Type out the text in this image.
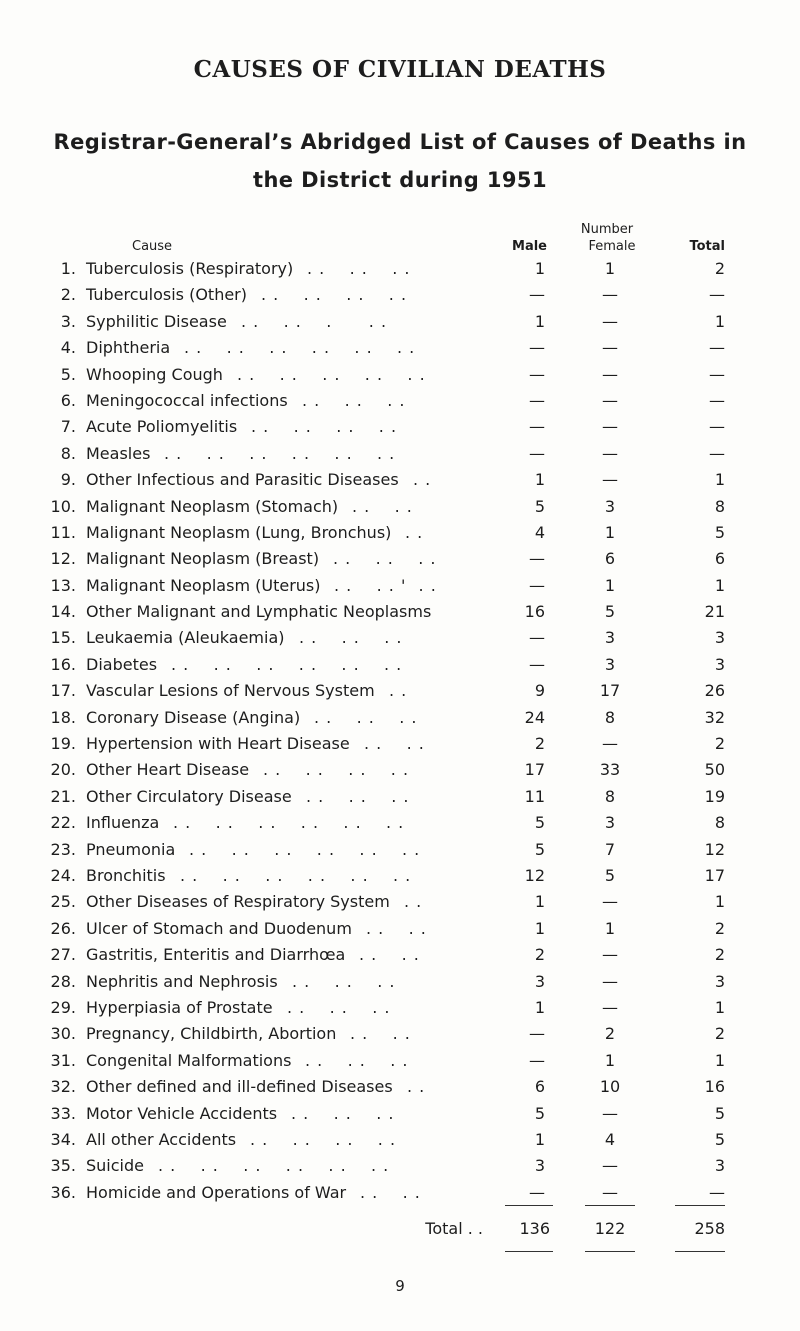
CAUSES OF CIVILIAN DEATHS
Registrar-General’s Abridged List of Causes of Deaths in
the District during 1951
Number
Cause	Male	Female	Total
1. Tuberculosis (Respiratory) . .    . .    . .	1	1	2
2. Tuberculosis (Other) . .    . .    . .    . .	—	—	—
3. Syphilitic Disease . .    . .    .      . .	1	—	1
4. Diphtheria . .    . .    . .    . .    . .    . .	—	—	—
5. Whooping Cough . .    . .    . .    . .    . .	—	—	—
6. Meningococcal infections . .    . .    . .	—	—	—
7. Acute Poliomyelitis . .    . .    . .    . .	—	—	—
8. Measles . .    . .    . .    . .    . .    . .	—	—	—
9. Other Infectious and Parasitic Diseases . .	1	—	1
10. Malignant Neoplasm (Stomach) . .    . .	5	3	8
11. Malignant Neoplasm (Lung, Bronchus) . .	4	1	5
12. Malignant Neoplasm (Breast) . .    . .    . .	—	6	6
13. Malignant Neoplasm (Uterus) . .    . . '  . .	—	1	1
14. Other Malignant and Lymphatic Neoplasms	16	5	21
15. Leukaemia (Aleukaemia) . .    . .    . .	—	3	3
16. Diabetes . .    . .    . .    . .    . .    . .	—	3	3
17. Vascular Lesions of Nervous System . .	9	17	26
18. Coronary Disease (Angina) . .    . .    . .	24	8	32
19. Hypertension with Heart Disease . .    . .	2	—	2
20. Other Heart Disease . .    . .    . .    . .	17	33	50
21. Other Circulatory Disease . .    . .    . .	11	8	19
22. Influenza . .    . .    . .    . .    . .    . .	5	3	8
23. Pneumonia . .    . .    . .    . .    . .    . .	5	7	12
24. Bronchitis . .    . .    . .    . .    . .    . .	12	5	17
25. Other Diseases of Respiratory System . .	1	—	1
26. Ulcer of Stomach and Duodenum . .    . .	1	1	2
27. Gastritis, Enteritis and Diarrhœa . .    . .	2	—	2
28. Nephritis and Nephrosis . .    . .    . .	3	—	3
29. Hyperpiasia of Prostate . .    . .    . .	1	—	1
30. Pregnancy, Childbirth, Abortion . .    . .	—	2	2
31. Congenital Malformations . .    . .    . .	—	1	1
32. Other defined and ill-defined Diseases . .	6	10	16
33. Motor Vehicle Accidents . .    . .    . .	5	—	5
34. All other Accidents . .    . .    . .    . .	1	4	5
35. Suicide . .    . .    . .    . .    . .    . .	3	—	3
36. Homicide and Operations of War . .    . .	—	—	—
Total . .	136	122	258
9
